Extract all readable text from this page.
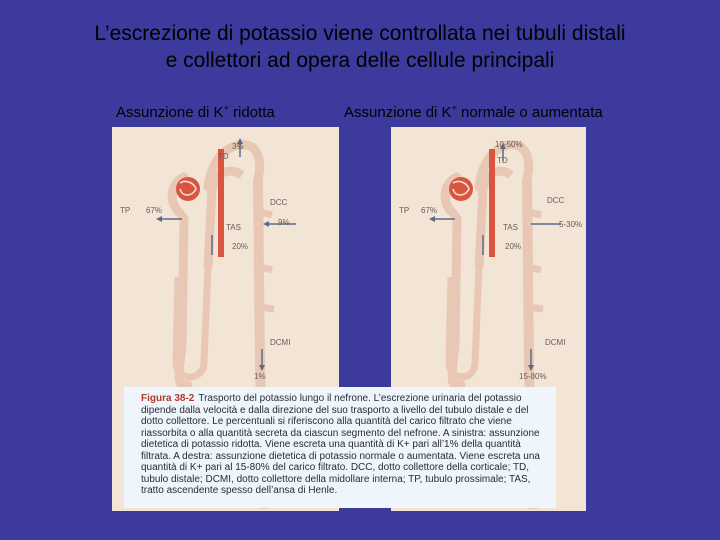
L’escrezione di potassio viene controllata nei tubuli distali
e collettori ad opera delle cellule principali
Assunzione di K+ ridotta	Assunzione di K+ normale o aumentata
3%
TD
TP 67%
DCC
9%
TAS
20%
DCMI
1%
10-50%
TD
TP 67%
DCC
5-30%
TAS
20%
DCMI
15-80%
Figura 38-2 Trasporto del potassio lungo il nefrone. L’escrezione urinaria del potassio dipende dalla velocità e dalla direzione del suo trasporto a livello del tubulo distale e del dotto collettore. Le percentuali si riferiscono alla quantità del carico filtrato che viene riassorbita o alla quantità secreta da ciascun segmento del nefrone. A sinistra: assunzione dietetica di potassio ridotta. Viene escreta una quantità di K+ pari all’1% della quantità filtrata. A destra: assunzione dietetica di potassio normale o aumentata. Viene escreta una quantità di K+ pari al 15-80% del carico filtrato. DCC, dotto collettore della corticale; TD, tubulo distale; DCMI, dotto collettore della midollare interna; TP, tubulo prossimale; TAS, tratto ascendente spesso dell’ansa di Henle.
